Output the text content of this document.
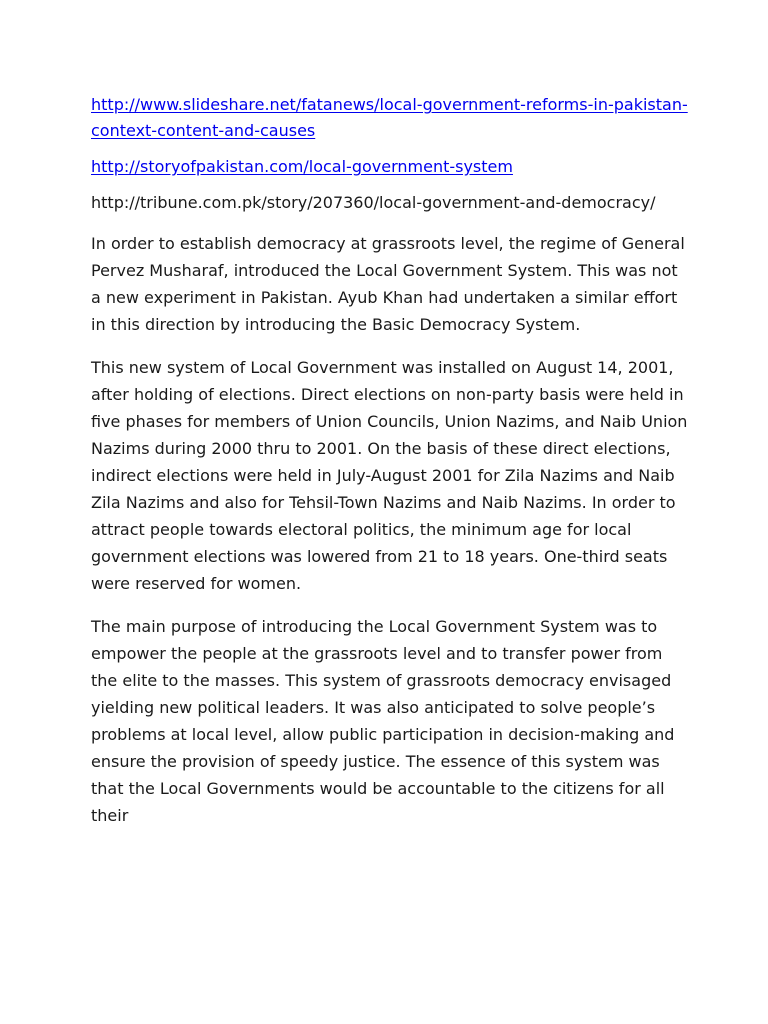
http://www.slideshare.net/fatanews/local-government-reforms-in-pakistan-context-content-and-causes
http://storyofpakistan.com/local-government-system
http://tribune.com.pk/story/207360/local-government-and-democracy/

In order to establish democracy at grassroots level, the regime of General Pervez Musharaf, introduced the Local Government System. This was not a new experiment in Pakistan. Ayub Khan had undertaken a similar effort in this direction by introducing the Basic Democracy System.

This new system of Local Government was installed on August 14, 2001, after holding of elections. Direct elections on non-party basis were held in five phases for members of Union Councils, Union Nazims, and Naib Union Nazims during 2000 thru to 2001. On the basis of these direct elections, indirect elections were held in July-August 2001 for Zila Nazims and Naib Zila Nazims and also for Tehsil-Town Nazims and Naib Nazims. In order to attract people towards electoral politics, the minimum age for local government elections was lowered from 21 to 18 years. One-third seats were reserved for women.

The main purpose of introducing the Local Government System was to empower the people at the grassroots level and to transfer power from the elite to the masses. This system of grassroots democracy envisaged yielding new political leaders. It was also anticipated to solve people’s problems at local level, allow public participation in decision-making and ensure the provision of speedy justice. The essence of this system was that the Local Governments would be accountable to the citizens for all their
